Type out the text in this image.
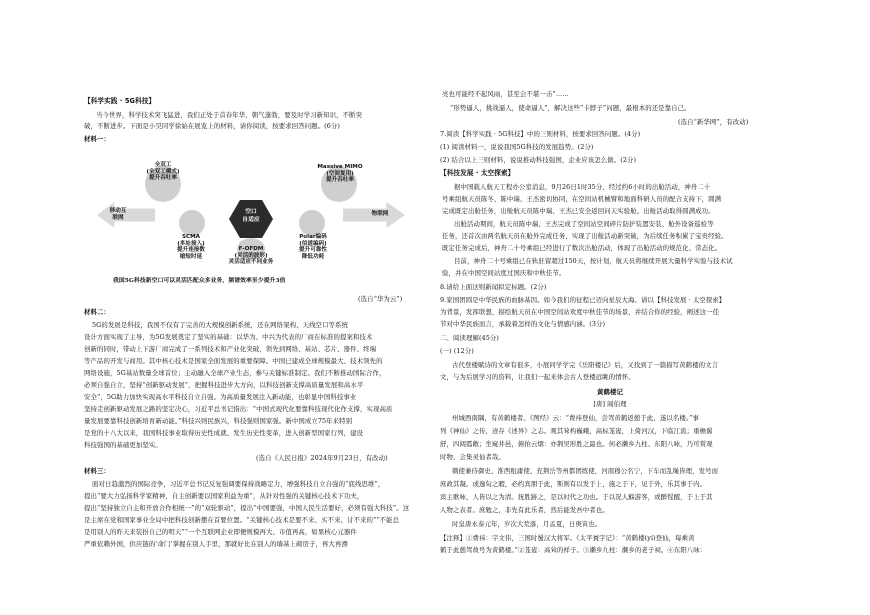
【科学实践 · 5G科技】
当今世界，科学技术突飞猛进，我们正处于首春年华，朝气蓬勃，要及时学习新知识，不断突
破，不断进步。下面是小昊同学徐始在展览上的材料，请你阅读，按要求回答问题。(6分)
材料一：
移动互
联网
物联网
全双工
(全双工模式)
提升吞吐率
Massive MIMO
(空间复用)
提升吞吐率
空口
自适应
SCMA
(多址接入)
提升连接数
缩短时延
F-OFDM
(灵活的波形)
灵活适应不同业务
Polar编码
(信道编码)
提升可靠性
降低功耗
我国5G科技新空口可以灵活匹配众多业务，频谱效率至少提升3倍
(选自“华为云”)
材料二：
5G的发展是科技，我国不仅有了完善的大规模创新系统，还在网络架构、天线空口等系统
设计方面实现了主导，为5G发展奠定了坚实的基础：以华为、中兴为代表的厂商在标准的提案和技术
创新的同时，带动上下游厂商完成了一系列技术和产业化突破，领先到网络、基站、芯片、器件、终端
等产品的开发与商用。其中核心技术是国家全面发展的重要保障。中国已建成全球规模最大、技术领先的
网络设施，5G基站数量全球首位；主动融入全球产业生态，参与关键标准制定。我们不断推动国际合作，
必须自强自立，坚持“创新驱动发展”，把握科技进步大方向，以科技创新支撑高质量发展和高水平
安全”，5G助力加快实现高水平科技自立自强。为高质量发展注入新动能，也彰显中国科技事业
坚持走创新驱动发展之路的坚定决心，习近平总书记指出：“中国式现代化要靠科技现代化作支撑，实现高质
量发展要靠科技创新培育新动能。”科技兴则民族兴，科技强则国家强。新中国成立75年来特别
是党的十八大以来，我国科技事业取得历史性成就、发生历史性变革，进入创新型国家行列，建设
科技强国的基础更加坚实。
(选自《人民日报》2024年9月23日，有改动)
材料三：
面对日趋激烈的国际竞争，习近平总书记反复强调要保持战略定力，增强科技自立自强的“底线思维”，
提出“要大力弘扬科学家精神，自主创新要以国家利益为重”，从针对性强的关键核心技术下功夫，
提出“坚持独立自主和开放合作相统一”的“双轮驱动”，提出“中国要强，中国人民生活要好，必须有强大科技”。这
是主席在党和国家事业全局中把科技创新摆在首要位置。“关键核心技术是要不来、买不来、讨不来的”“不能总
是用别人的昨天来装扮自己的明天”“一个互联网企业即便规模再大、市值再高，如果核心元器件
严重依赖外国，供应链的‘命门’掌握在别人手里，那就好比在别人的墙基上砌房子，再大再漂
亮也可能经不起风雨，甚至会不堪一击”……
“形势逼人，挑战逼人，使命逼人”，解决这些“卡脖子”问题，最根本的还是靠自己。
(选自“新华网”，有改动)
7.阅读【科学实践 · 5G科技】中的三则材料，按要求回答问题。(4分)
(1) 阅读材料一，说说我国5G科技的发展趋势。(2分)
(2) 结合以上三则材料，说说推动科技强国，企业应该怎么做。(2分)
【科技发展 · 太空探索】
据中国载人航天工程办公室消息，9月26日1时35分，经过约6小时的出舱活动，神舟二十
号乘组航天员陈冬、陈中瑞、王杰密切协同，在空间站机械臂和地面科研人员的配合支持下，圆满
完成既定出舱任务，出舱航天员陈中瑞、王杰已安全返回问天实验舱。出舱活动取得圆满成功。
出舱活动期间，航天员陈中瑞、王杰完成了空间站空间碎片防护装置安装、舱外设备巡检等
任务，还首次由两名航天员在舱外完成任务，实现了出舱活动新突破，为后续任务积累了宝贵经验。
既定任务完成后，神舟二十号乘组已经进行了数次出舱活动，体现了出舱活动的规范化、常态化。
目前，神舟二十号乘组已在轨驻留超过150天，按计划，航天员将继续开展大量科学实验与技术试
验，并在中国空间站度过国庆和中秋佳节。
8.请给上面这则新闻拟定标题。(2分)
9.家国团圆是中华民族的血脉基因。如今我们的征程已迈向星辰大海。请以【科技发展 · 太空探索】
为背景，发挥联想，描绘航天员在中国空间站欢度中秋佳节的场景，并结合你的经验，阐述这一佳
节对中华民族而言，承载着怎样的文化与情感内涵。(3分)
二、阅读理解(45分)
(一) (12分)
古代登楼赋诗的文章有很多，小展同学学完《岳阳楼记》后，又找到了一篇描写黄鹤楼的文言
文，与为后展学习的资料，让我们一起来体会古人登楼远眺的情怀。
黄鹤楼记
[唐] 阎伯理
州城西南隅，有黄鹤楼者。《图经》云：“费祎登仙，尝驾黄鹤返憩于此，遂以名楼。”事
列《神仙》之传，迹存《述异》之志。观其耸构巍峨，高标茏嵸，上倚河汉，下临江流；重檐翼
舒，四闼霞敞；坐窥井邑，俯拍云烟：亦荆吴形胜之最也。何必濑乡九柱、东阳八咏，乃可赏观
时物、会集灵仙者哉。
刺使兼侍御史、淮西租庸使、充荆岳等州都团练使，河南穆公名宁，下车而乱绳皆理，发号而
庶政其凝。或逸旬之暇，必约宾朋于此，斯则有以发于上，施之于下，见于外，乐其事于内。
宾主歌咏，人皆以之为清。抚胜跡之，是以时代之功也。于以况人觞游客，或醉惺醒，于上于其
人物之表者。庶勉之，非先有此乐者，然后能发吾中者也。
时皇唐永泰元年，岁次大荒落，月孟夏，日庚寅也。
【注释】①费祎：字文伟，三国时蜀汉大将军。《太平寰宇记》：“黄鹤楼(yí)登仙，每乘黄
鹤于此憩驾故号为黄鹤楼。”②茏嵸：高耸的样子。③濑乡九柱：濑乡的老子祠。④东阳八咏：
